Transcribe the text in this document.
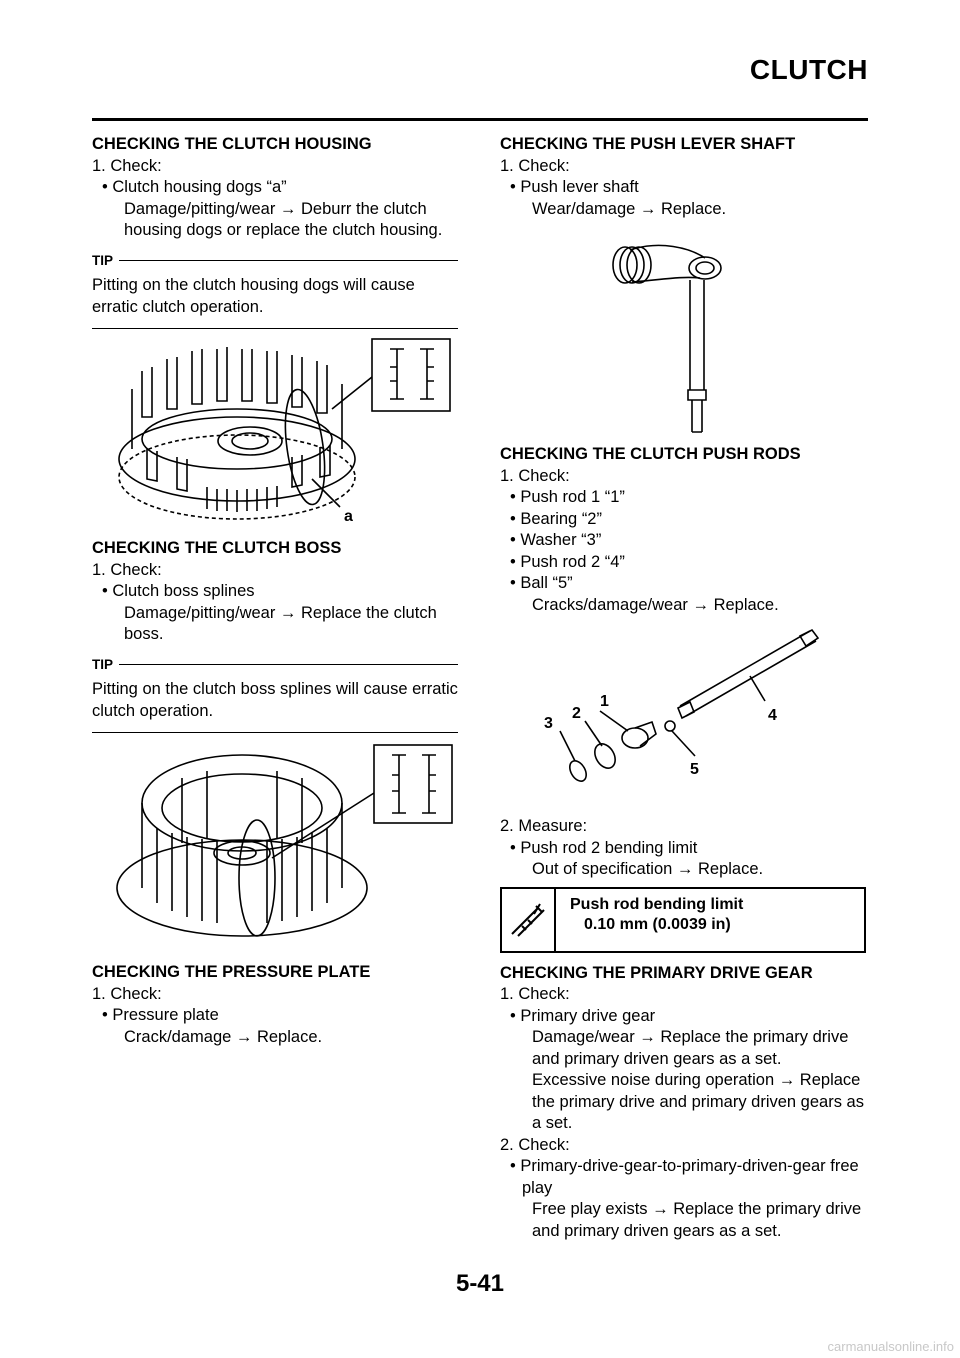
CLUTCH
CHECKING THE CLUTCH HOUSING
1. Check:
• Clutch housing dogs “a”
Damage/pitting/wear → Deburr the clutch housing dogs or replace the clutch housing.
TIP
Pitting on the clutch housing dogs will cause erratic clutch operation.
a
CHECKING THE CLUTCH BOSS
1. Check:
• Clutch boss splines
Damage/pitting/wear → Replace the clutch boss.
TIP
Pitting on the clutch boss splines will cause erratic clutch operation.
CHECKING THE PRESSURE PLATE
1. Check:
• Pressure plate
Crack/damage → Replace.
CHECKING THE PUSH LEVER SHAFT
1. Check:
• Push lever shaft
Wear/damage → Replace.
CHECKING THE CLUTCH PUSH RODS
1. Check:
• Push rod 1 “1”
• Bearing “2”
• Washer “3”
• Push rod 2 “4”
• Ball “5”
Cracks/damage/wear → Replace.
1
2
3	4
5
2. Measure:
• Push rod 2 bending limit
Out of specification → Replace.
Push rod bending limit
0.10 mm (0.0039 in)
CHECKING THE PRIMARY DRIVE GEAR
1. Check:
• Primary drive gear
Damage/wear → Replace the primary drive and primary driven gears as a set.
Excessive noise during operation → Replace the primary drive and primary driven gears as a set.
2. Check:
• Primary-drive-gear-to-primary-driven-gear free play
Free play exists → Replace the primary drive and primary driven gears as a set.
5-41
carmanualsonline.info
